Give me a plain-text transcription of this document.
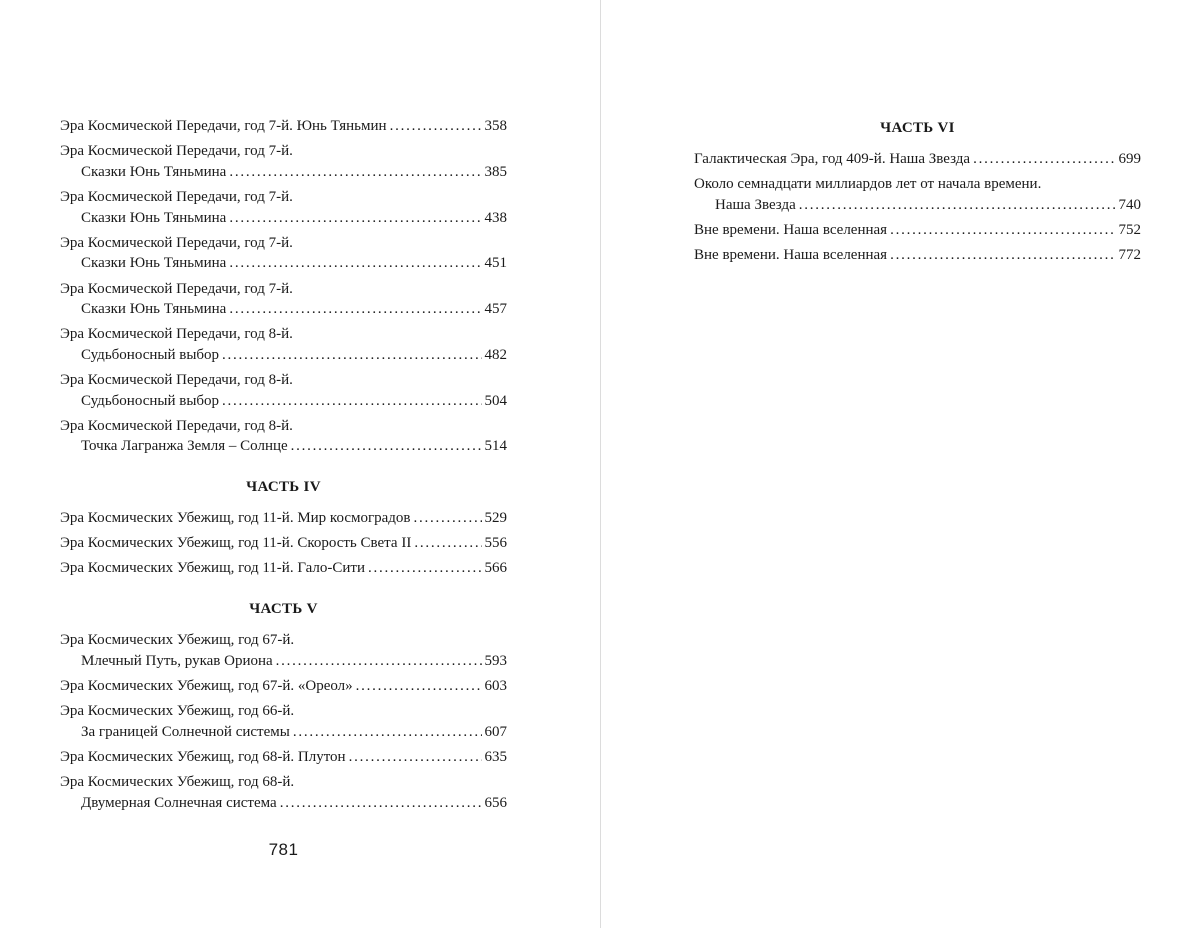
Эра Космической Передачи, год 7-й. Юнь Тяньмин . . .	358
Эра Космической Передачи, год 7-й.
Сказки Юнь Тяньмина . . .	385
Эра Космической Передачи, год 7-й.
Сказки Юнь Тяньмина . . .	438
Эра Космической Передачи, год 7-й.
Сказки Юнь Тяньмина . . .	451
Эра Космической Передачи, год 7-й.
Сказки Юнь Тяньмина . . .	457
Эра Космической Передачи, год 8-й.
Судьбоносный выбор . . .	482
Эра Космической Передачи, год 8-й.
Судьбоносный выбор . . .	504
Эра Космической Передачи, год 8-й.
Точка Лагранжа Земля – Солнце . . .	514
ЧАСТЬ IV
Эра Космических Убежищ, год 11-й. Мир космоградов . . .	529
Эра Космических Убежищ, год 11-й. Скорость Света II . . .	556
Эра Космических Убежищ, год 11-й. Гало-Сити . . .	566
ЧАСТЬ V
Эра Космических Убежищ, год 67-й.
Млечный Путь, рукав Ориона . . .	593
Эра Космических Убежищ, год 67-й. «Ореол» . . .	603
Эра Космических Убежищ, год 66-й.
За границей Солнечной системы . . .	607
Эра Космических Убежищ, год 68-й. Плутон . . .	635
Эра Космических Убежищ, год 68-й.
Двумерная Солнечная система . . .	656
781
ЧАСТЬ VI
Галактическая Эра, год 409-й. Наша Звезда . . .	699
Около семнадцати миллиардов лет от начала времени.
Наша Звезда . . .	740
Вне времени. Наша вселенная . . .	752
Вне времени. Наша вселенная . . .	772
